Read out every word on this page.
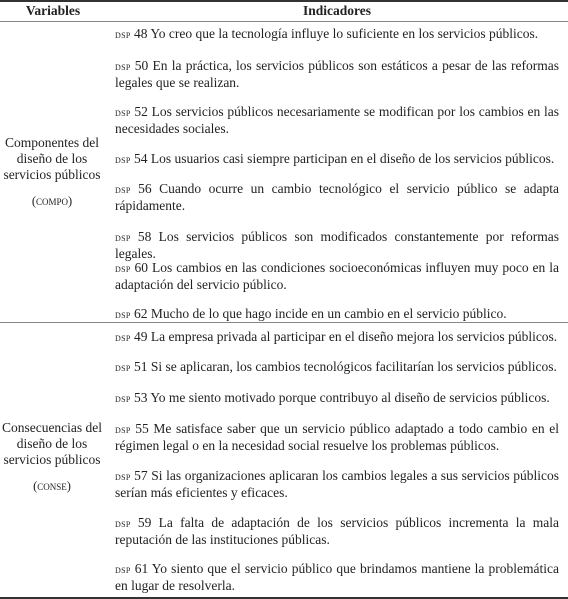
Variables	Indicadores
Componentes del diseño de los servicios públicos
(compo)
dsp 48 Yo creo que la tecnología influye lo suficiente en los servicios públicos.
dsp 50 En la práctica, los servicios públicos son estáticos a pesar de las reformas legales que se realizan.
dsp 52 Los servicios públicos necesariamente se modifican por los cambios en las necesidades sociales.
dsp 54 Los usuarios casi siempre participan en el diseño de los servicios públicos.
dsp 56 Cuando ocurre un cambio tecnológico el servicio público se adapta rápidamente.
dsp 58 Los servicios públicos son modificados constantemente por reformas legales.
dsp 60 Los cambios en las condiciones socioeconómicas influyen muy poco en la adaptación del servicio público.
dsp 62 Mucho de lo que hago incide en un cambio en el servicio público.
Consecuencias del diseño de los servicios públicos
(conse)
dsp 49 La empresa privada al participar en el diseño mejora los servicios públicos.
dsp 51 Si se aplicaran, los cambios tecnológicos facilitarían los servicios públicos.
dsp 53 Yo me siento motivado porque contribuyo al diseño de servicios públicos.
dsp 55 Me satisface saber que un servicio público adaptado a todo cambio en el régimen legal o en la necesidad social resuelve los problemas públicos.
dsp 57 Si las organizaciones aplicaran los cambios legales a sus servicios públicos serían más eficientes y eficaces.
dsp 59 La falta de adaptación de los servicios públicos incrementa la mala reputación de las instituciones públicas.
dsp 61 Yo siento que el servicio público que brindamos mantiene la problemática en lugar de resolverla.
